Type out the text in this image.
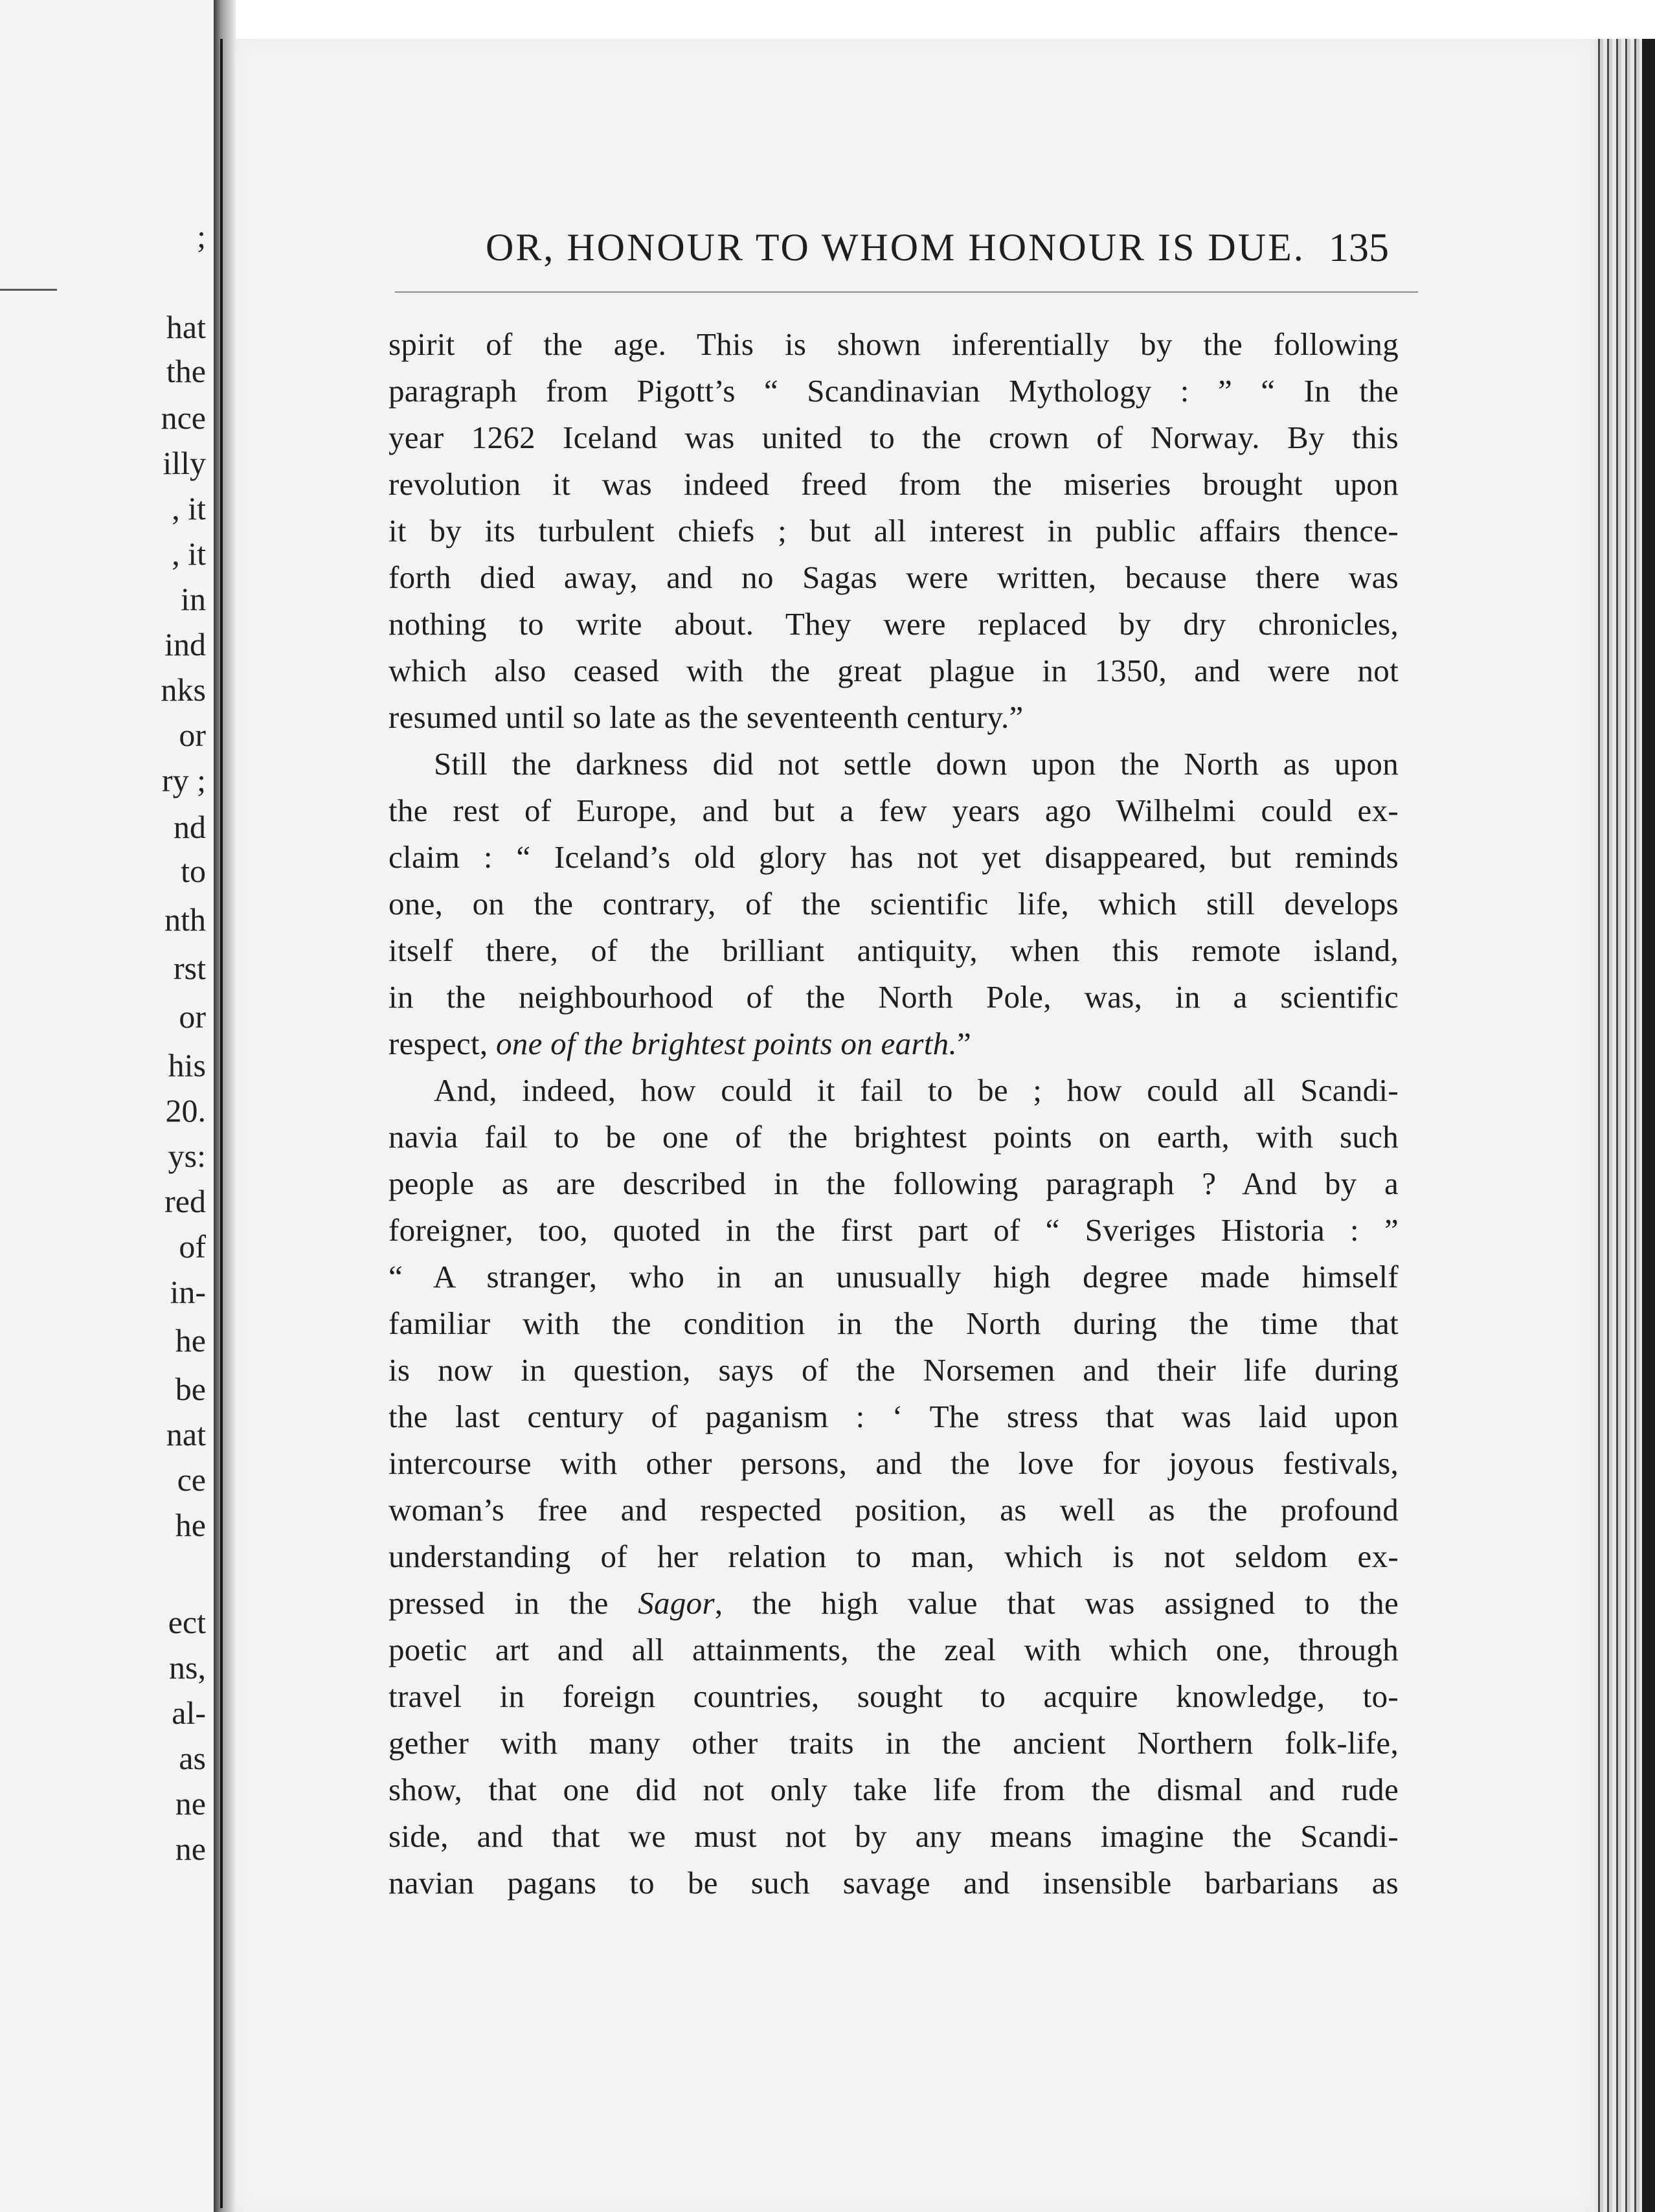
;
hat
the
nce
illy
, it
, it
in
ind
nks
or
ry ;
nd
to
nth
rst
or
his
20.
ys:
red
of
in-
he
be
nat
ce
he
ect
ns,
al-
as
ne
ne
OR, HONOUR TO WHOM HONOUR IS DUE. 135
spirit of the age. This is shown inferentially by the following
paragraph from Pigott’s “ Scandinavian Mythology : ” “ In the
year 1262 Iceland was united to the crown of Norway. By this
revolution it was indeed freed from the miseries brought upon
it by its turbulent chiefs ; but all interest in public affairs thence-
forth died away, and no Sagas were written, because there was
nothing to write about. They were replaced by dry chronicles,
which also ceased with the great plague in 1350, and were not
resumed until so late as the seventeenth century.”
Still the darkness did not settle down upon the North as upon
the rest of Europe, and but a few years ago Wilhelmi could ex-
claim : “ Iceland’s old glory has not yet disappeared, but reminds
one, on the contrary, of the scientific life, which still develops
itself there, of the brilliant antiquity, when this remote island,
in the neighbourhood of the North Pole, was, in a scientific
respect, one of the brightest points on earth.”
And, indeed, how could it fail to be ; how could all Scandi-
navia fail to be one of the brightest points on earth, with such
people as are described in the following paragraph ? And by a
foreigner, too, quoted in the first part of “ Sveriges Historia : ”
“ A stranger, who in an unusually high degree made himself
familiar with the condition in the North during the time that
is now in question, says of the Norsemen and their life during
the last century of paganism : ‘ The stress that was laid upon
intercourse with other persons, and the love for joyous festivals,
woman’s free and respected position, as well as the profound
understanding of her relation to man, which is not seldom ex-
pressed in the Sagor, the high value that was assigned to the
poetic art and all attainments, the zeal with which one, through
travel in foreign countries, sought to acquire knowledge, to-
gether with many other traits in the ancient Northern folk-life,
show, that one did not only take life from the dismal and rude
side, and that we must not by any means imagine the Scandi-
navian pagans to be such savage and insensible barbarians as
